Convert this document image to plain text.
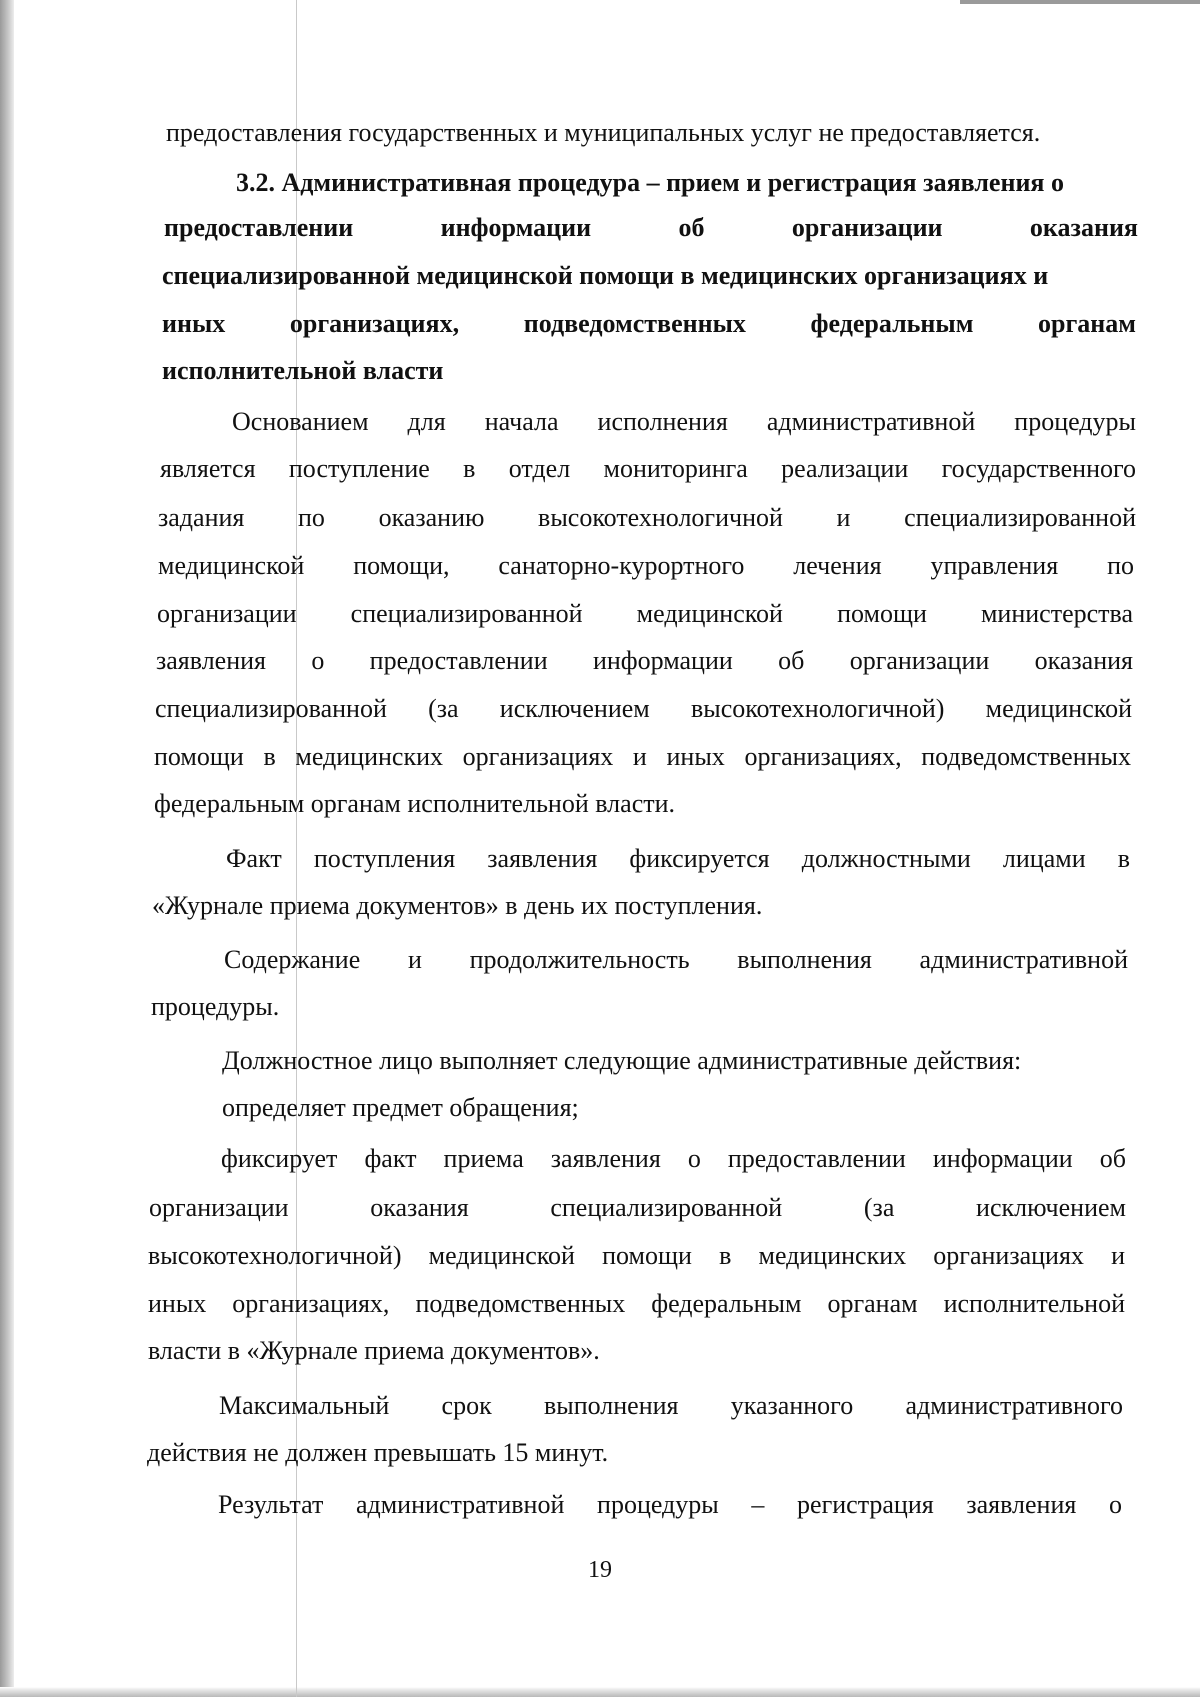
предоставления государственных и муниципальных услуг не предоставляется.

3.2. Административная процедура – прием и регистрация заявления о

предоставлении информации об организации оказания

специализированной медицинской помощи в медицинских организациях и

иных организациях, подведомственных федеральным органам

исполнительной власти

Основанием для начала исполнения административной процедуры

является поступление в отдел мониторинга реализации государственного

задания по оказанию высокотехнологичной и специализированной

медицинской помощи, санаторно-курортного лечения управления по

организации специализированной медицинской помощи министерства

заявления о предоставлении информации об организации оказания

специализированной (за исключением высокотехнологичной) медицинской

помощи в медицинских организациях и иных организациях, подведомственных

федеральным органам исполнительной власти.

Факт поступления заявления фиксируется должностными лицами в

«Журнале приема документов» в день их поступления.

Содержание и продолжительность выполнения административной

процедуры.

Должностное лицо выполняет следующие административные действия:

определяет предмет обращения;

фиксирует факт приема заявления о предоставлении информации об

организации оказания специализированной (за исключением

высокотехнологичной) медицинской помощи в медицинских организациях и

иных организациях, подведомственных федеральным органам исполнительной

власти в «Журнале приема документов».

Максимальный срок выполнения указанного административного

действия не должен превышать 15 минут.

Результат административной процедуры – регистрация заявления о

19
